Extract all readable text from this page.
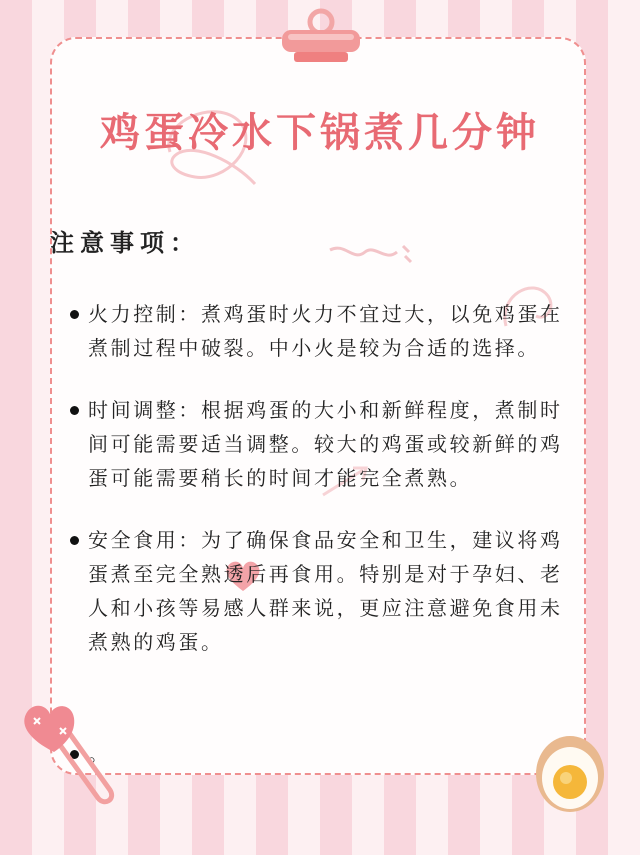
鸡蛋冷水下锅煮几分钟
注意事项：
火力控制：煮鸡蛋时火力不宜过大，以免鸡蛋在煮制过程中破裂。中小火是较为合适的选择。
时间调整：根据鸡蛋的大小和新鲜程度，煮制时间可能需要适当调整。较大的鸡蛋或较新鲜的鸡蛋可能需要稍长的时间才能完全煮熟。
安全食用：为了确保食品安全和卫生，建议将鸡蛋煮至完全熟透后再食用。特别是对于孕妇、老人和小孩等易感人群来说，更应注意避免食用未煮熟的鸡蛋。
。
